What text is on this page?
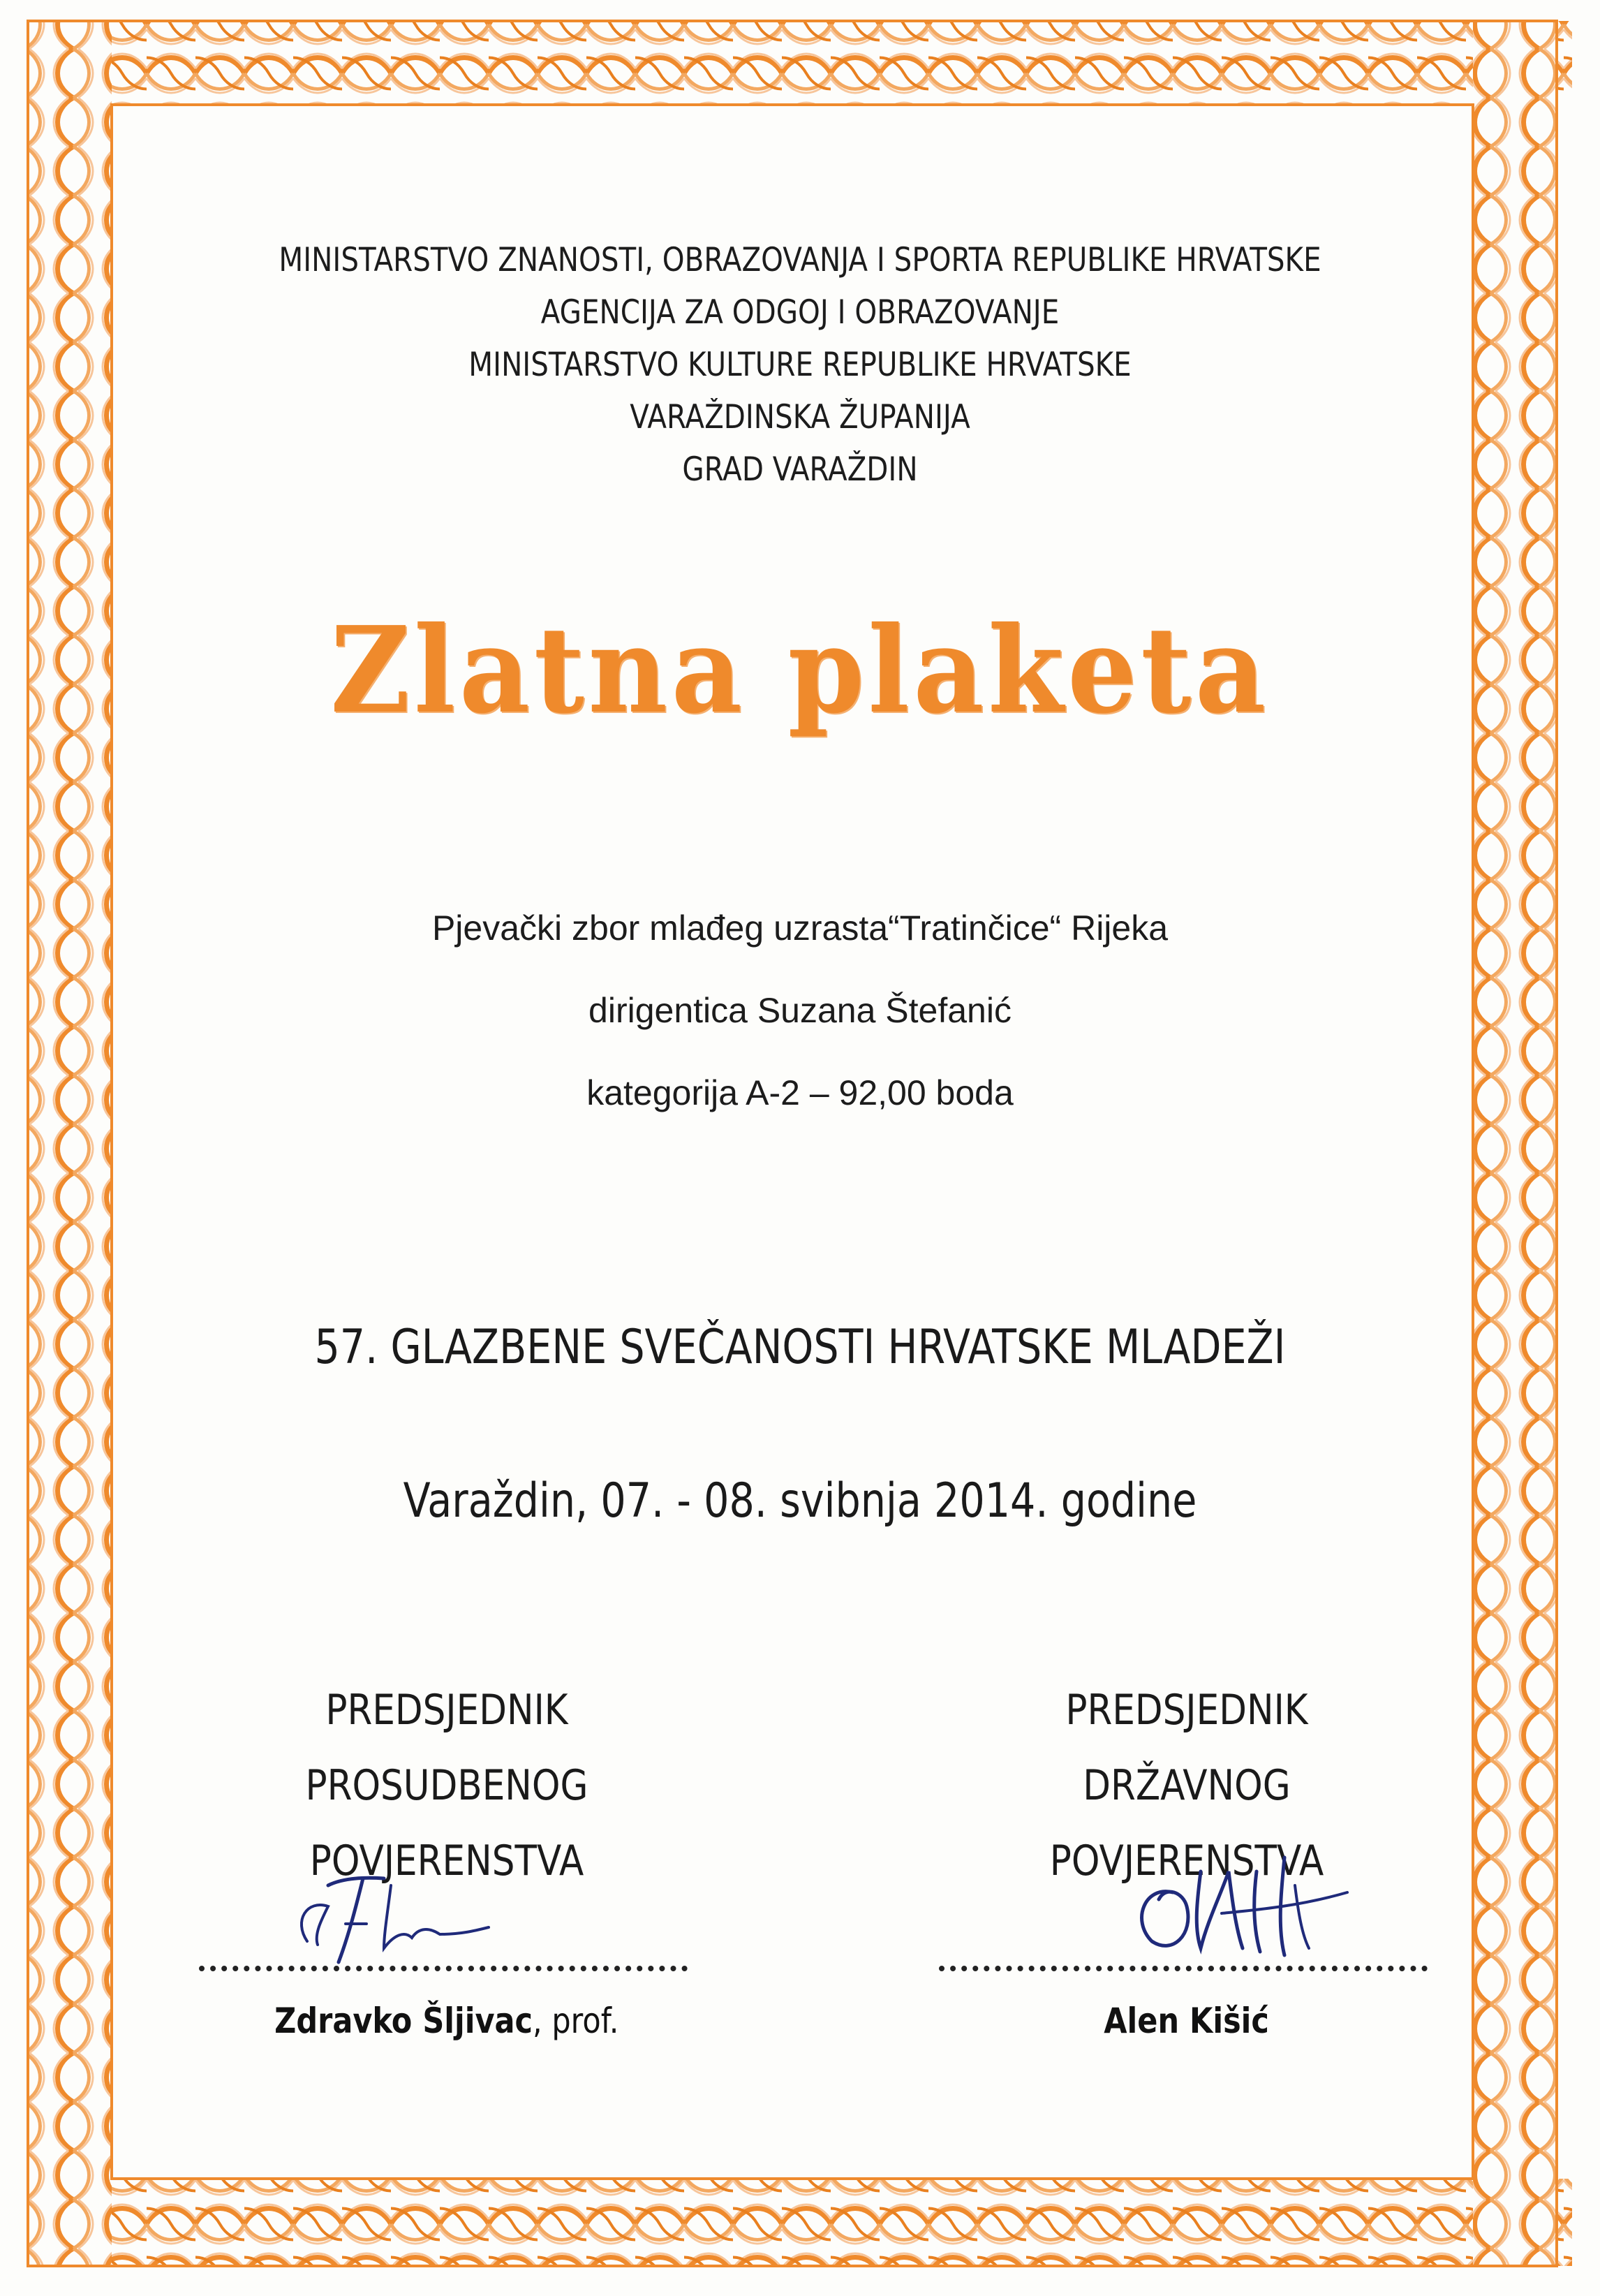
MINISTARSTVO ZNANOSTI, OBRAZOVANJA I SPORTA REPUBLIKE HRVATSKE
AGENCIJA ZA ODGOJ I OBRAZOVANJE
MINISTARSTVO KULTURE REPUBLIKE HRVATSKE
VARAŽDINSKA ŽUPANIJA
GRAD VARAŽDIN
Zlatna plaketa
Pjevački zbor mlađeg uzrasta“Tratinčice“ Rijeka
dirigentica Suzana Štefanić
kategorija A-2 – 92,00 boda
57. GLAZBENE SVEČANOSTI HRVATSKE MLADEŽI
Varaždin, 07. - 08. svibnja 2014. godine
PREDSJEDNIK
PROSUDBENOG
POVJERENSTVA
Zdravko Šljivac, prof.
PREDSJEDNIK
DRŽAVNOG
POVJERENSTVA
Alen Kišić
